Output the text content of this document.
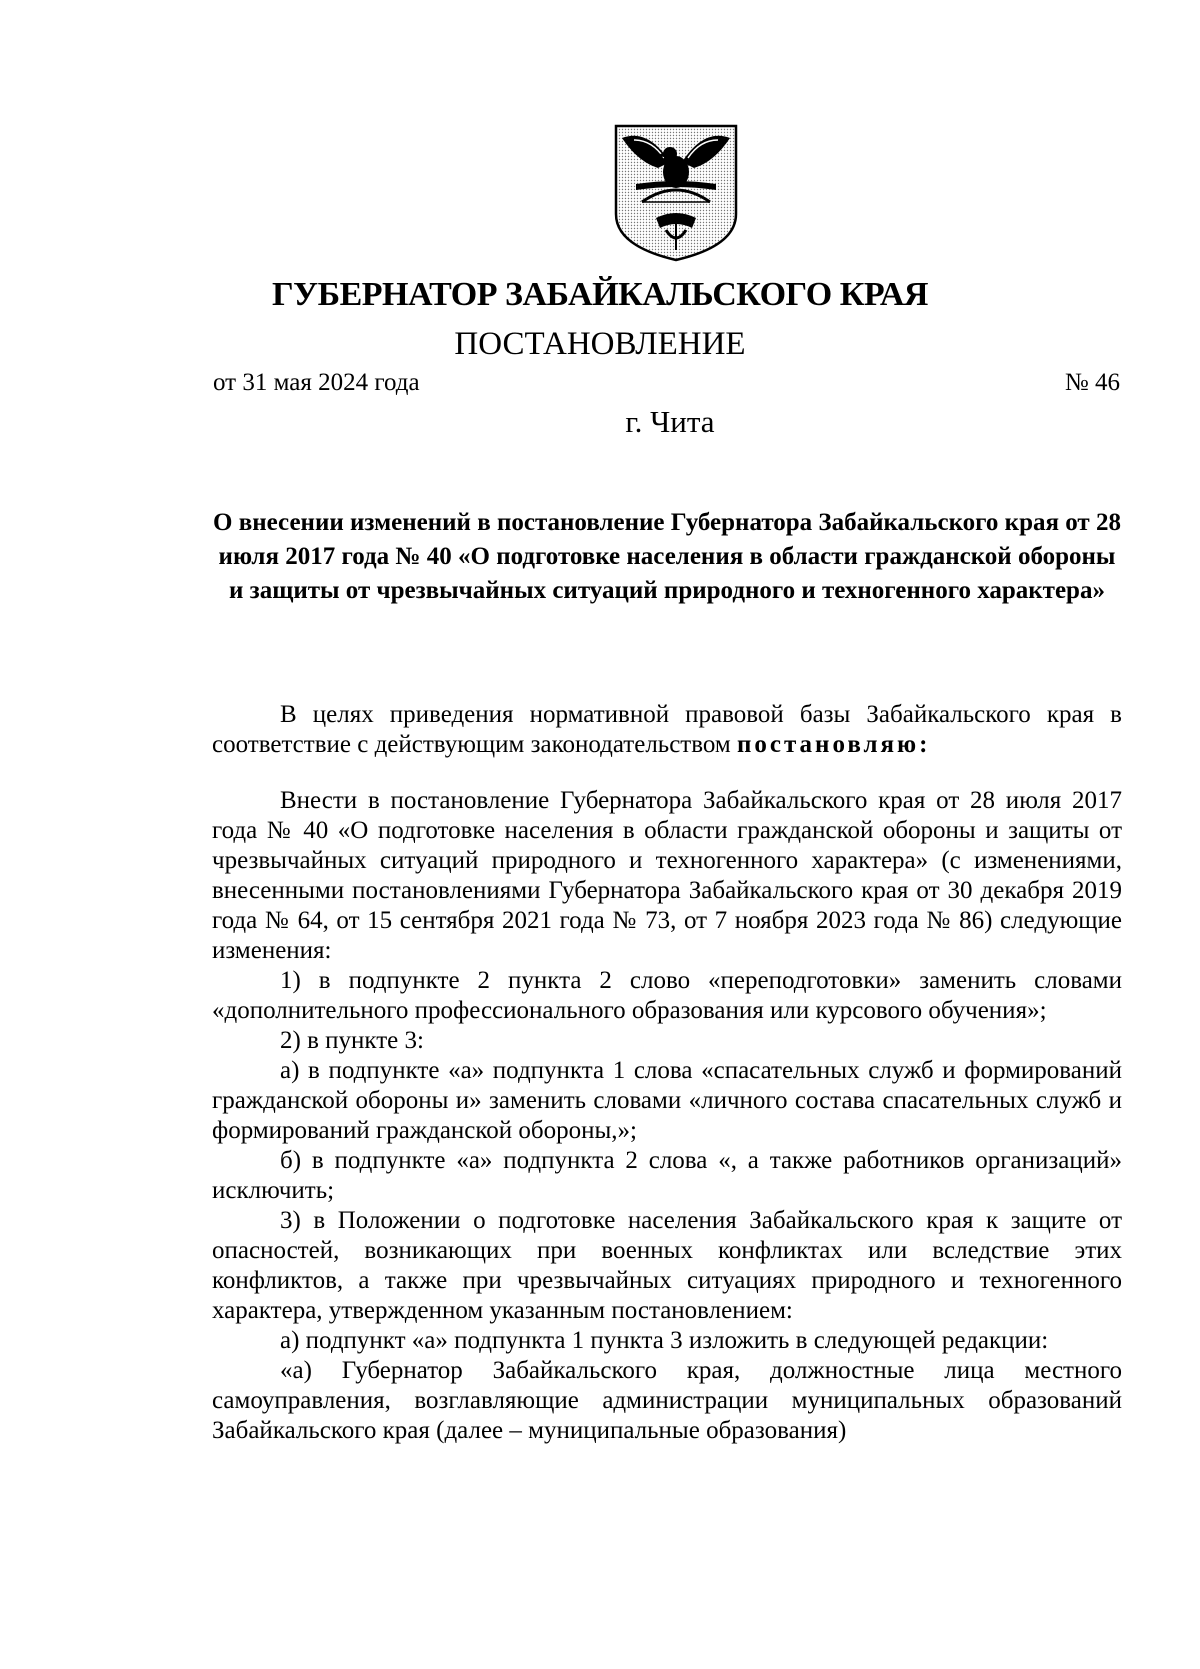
ГУБЕРНАТОР ЗАБАЙКАЛЬСКОГО КРАЯ
ПОСТАНОВЛЕНИЕ
от 31 мая 2024 года	№ 46
г. Чита
О внесении изменений в постановление Губернатора Забайкальского края от 28 июля 2017 года № 40 «О подготовке населения в области гражданской обороны и защиты от чрезвычайных ситуаций природного и техногенного характера»

В целях приведения нормативной правовой базы Забайкальского края в соответствие с действующим законодательством постановляю:

Внести в постановление Губернатора Забайкальского края от 28 июля 2017 года № 40 «О подготовке населения в области гражданской обороны и защиты от чрезвычайных ситуаций природного и техногенного характера» (с изменениями, внесенными постановлениями Губернатора Забайкальского края от 30 декабря 2019 года № 64, от 15 сентября 2021 года № 73, от 7 ноября 2023 года № 86) следующие изменения:

1) в подпункте 2 пункта 2 слово «переподготовки» заменить словами «дополнительного профессионального образования или курсового обучения»;

2) в пункте 3:

а) в подпункте «а» подпункта 1 слова «спасательных служб и формирований гражданской обороны и» заменить словами «личного состава спасательных служб и формирований гражданской обороны,»;

б) в подпункте «а» подпункта 2 слова «, а также работников организаций» исключить;

3) в Положении о подготовке населения Забайкальского края к защите от опасностей, возникающих при военных конфликтах или вследствие этих конфликтов, а также при чрезвычайных ситуациях природного и техногенного характера, утвержденном указанным постановлением:

а) подпункт «а» подпункта 1 пункта 3 изложить в следующей редакции:

«а) Губернатор Забайкальского края, должностные лица местного самоуправления, возглавляющие администрации муниципальных образований Забайкальского края (далее – муниципальные образования)
